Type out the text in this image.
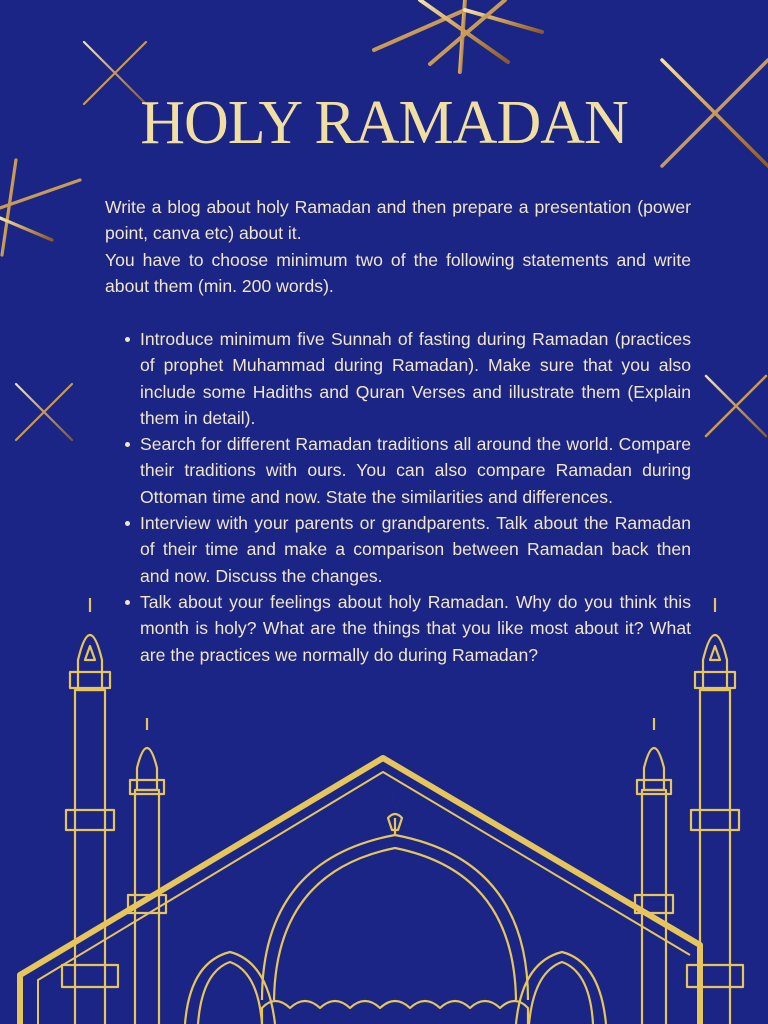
HOLY RAMADAN

Write a blog about holy Ramadan and then prepare a presentation (power point, canva etc) about it.

You have to choose minimum two of the following statements and write about them (min. 200 words).

Introduce minimum five Sunnah of fasting during Ramadan (practices of prophet Muhammad during Ramadan). Make sure that you also include some Hadiths and Quran Verses and illustrate them (Explain them in detail).
Search for different Ramadan traditions all around the world. Compare their traditions with ours. You can also compare Ramadan during Ottoman time and now. State the similarities and differences.
Interview with your parents or grandparents. Talk about the Ramadan of their time and make a comparison between Ramadan back then and now. Discuss the changes.
Talk about your feelings about holy Ramadan. Why do you think this month is holy? What are the things that you like most about it? What are the practices we normally do during Ramadan?
